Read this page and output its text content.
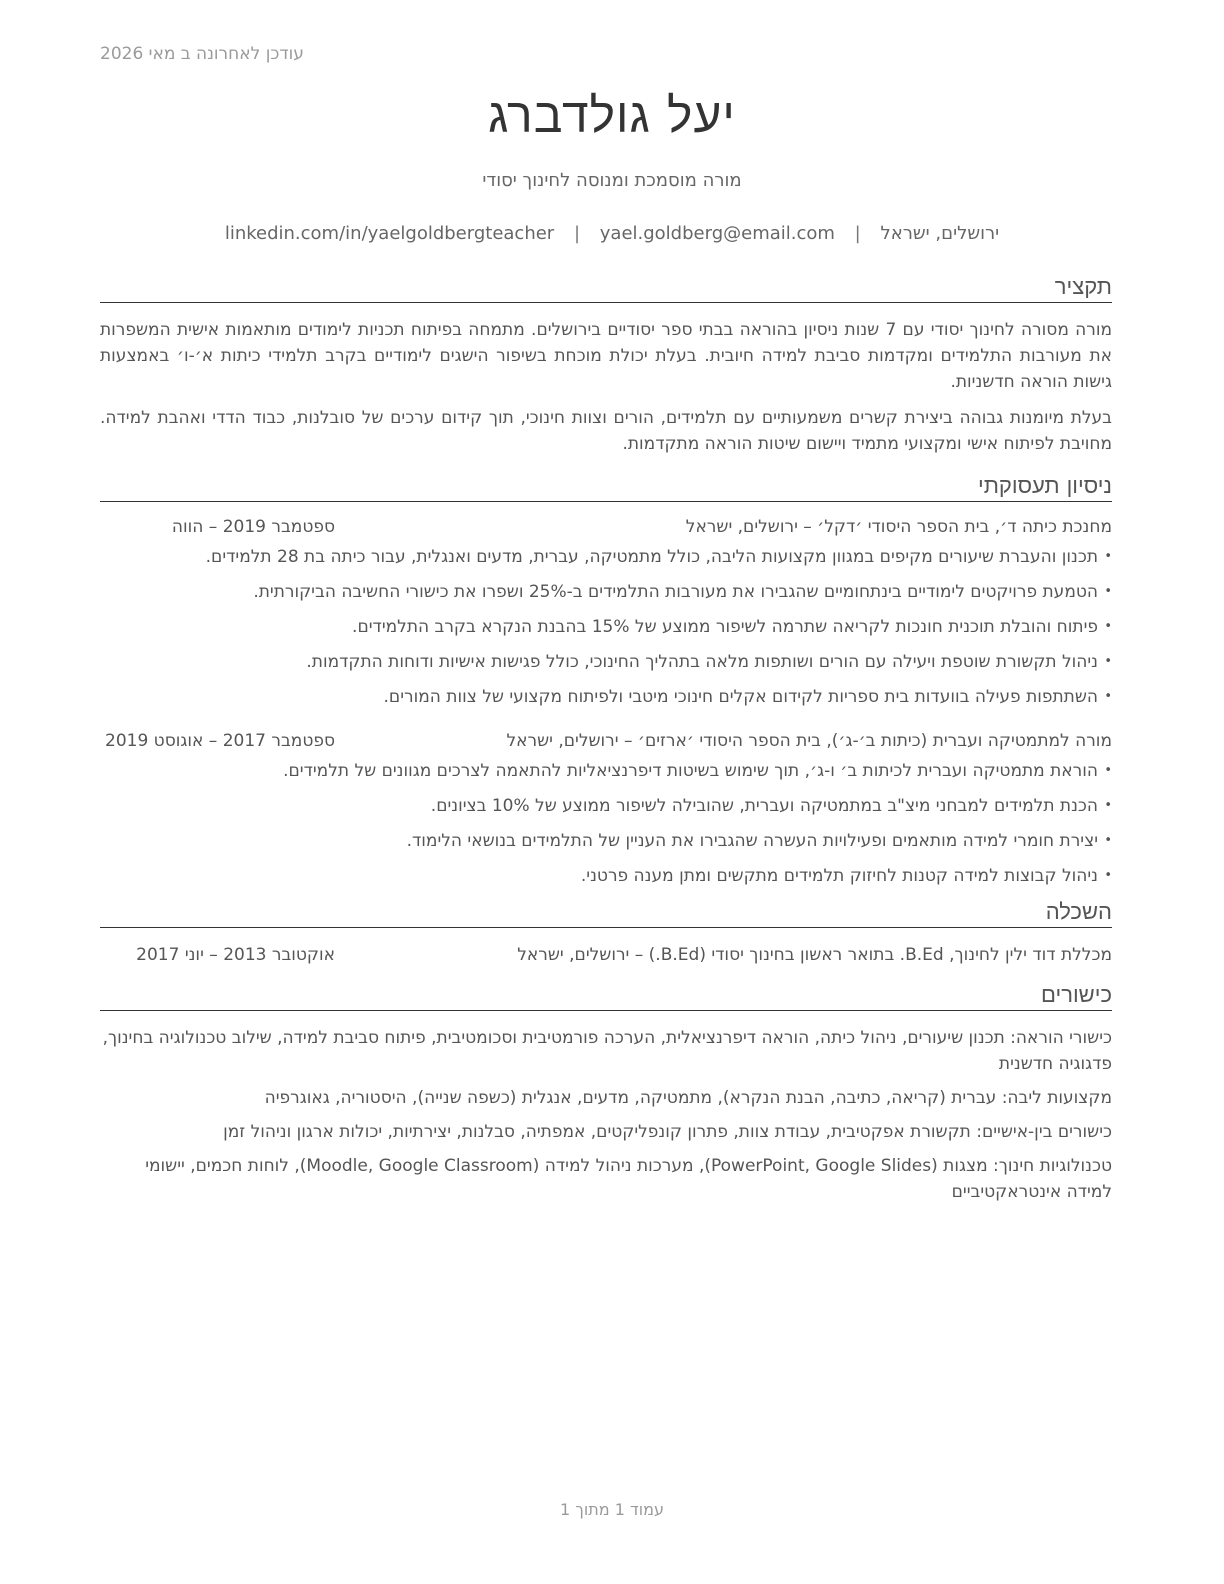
עודכן לאחרונה ב מאי 2026
יעל גולדברג
מורה מוסמכת ומנוסה לחינוך יסודי
ירושלים, ישראל | yael.goldberg@email.com | linkedin.com/in/yaelgoldbergteacher
תקציר

מורה מסורה לחינוך יסודי עם 7 שנות ניסיון בהוראה בבתי ספר יסודיים בירושלים. מתמחה בפיתוח תכניות לימודים מותאמות אישית המשפרות את מעורבות התלמידים ומקדמות סביבת למידה חיובית. בעלת יכולת מוכחת בשיפור הישגים לימודיים בקרב תלמידי כיתות א׳-ו׳ באמצעות גישות הוראה חדשניות.

בעלת מיומנות גבוהה ביצירת קשרים משמעותיים עם תלמידים, הורים וצוות חינוכי, תוך קידום ערכים של סובלנות, כבוד הדדי ואהבת למידה. מחויבת לפיתוח אישי ומקצועי מתמיד ויישום שיטות הוראה מתקדמות.

ניסיון תעסוקתי
מחנכת כיתה ד׳, בית הספר היסודי ׳דקל׳ – ירושלים, ישראל
ספטמבר 2019 – הווה
• תכנון והעברת שיעורים מקיפים במגוון מקצועות הליבה, כולל מתמטיקה, עברית, מדעים ואנגלית, עבור כיתה בת 28 תלמידים.
• הטמעת פרויקטים לימודיים בינתחומיים שהגבירו את מעורבות התלמידים ב-25% ושפרו את כישורי החשיבה הביקורתית.
• פיתוח והובלת תוכנית חונכות לקריאה שתרמה לשיפור ממוצע של 15% בהבנת הנקרא בקרב התלמידים.
• ניהול תקשורת שוטפת ויעילה עם הורים ושותפות מלאה בתהליך החינוכי, כולל פגישות אישיות ודוחות התקדמות.
• השתתפות פעילה בוועדות בית ספריות לקידום אקלים חינוכי מיטבי ולפיתוח מקצועי של צוות המורים.
מורה למתמטיקה ועברית (כיתות ב׳-ג׳), בית הספר היסודי ׳ארזים׳ – ירושלים, ישראל
ספטמבר 2017 – אוגוסט 2019
• הוראת מתמטיקה ועברית לכיתות ב׳ ו-ג׳, תוך שימוש בשיטות דיפרנציאליות להתאמה לצרכים מגוונים של תלמידים.
• הכנת תלמידים למבחני מיצ"ב במתמטיקה ועברית, שהובילה לשיפור ממוצע של 10% בציונים.
• יצירת חומרי למידה מותאמים ופעילויות העשרה שהגבירו את העניין של התלמידים בנושאי הלימוד.
• ניהול קבוצות למידה קטנות לחיזוק תלמידים מתקשים ומתן מענה פרטני.
השכלה
מכללת דוד ילין לחינוך, B.Ed. בתואר ראשון בחינוך יסודי (B.Ed.) – ירושלים, ישראל
אוקטובר 2013 – יוני 2017
כישורים
כישורי הוראה: תכנון שיעורים, ניהול כיתה, הוראה דיפרנציאלית, הערכה פורמטיבית וסכומטיבית, פיתוח סביבת למידה, שילוב טכנולוגיה בחינוך, פדגוגיה חדשנית
מקצועות ליבה: עברית (קריאה, כתיבה, הבנת הנקרא), מתמטיקה, מדעים, אנגלית (כשפה שנייה), היסטוריה, גאוגרפיה
כישורים בין-אישיים: תקשורת אפקטיבית, עבודת צוות, פתרון קונפליקטים, אמפתיה, סבלנות, יצירתיות, יכולות ארגון וניהול זמן
טכנולוגיות חינוך: מצגות (PowerPoint, Google Slides), מערכות ניהול למידה (Moodle, Google Classroom), לוחות חכמים, יישומי למידה אינטראקטיביים
עמוד 1 מתוך 1
